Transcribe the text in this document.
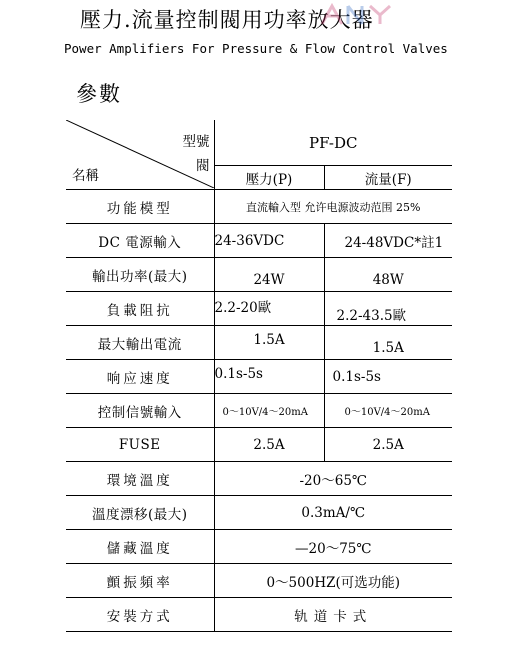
壓力.流量控制閥用功率放大器
Power Amplifiers For Pressure & Flow Control Valves
參數
型號
閥
名稱	PF-DC	
	壓力(P)	流量(F)
功能模型	直流輸入型 允许电源波动范围 25%	
DC 電源輸入	24-36VDC	24-48VDC*註1
輸出功率(最大)	24W	48W
負載阻抗	2.2-20歐	2.2-43.5歐
最大輸出電流	1.5A	1.5A
响应速度	0.1s-5s	0.1s-5s
控制信號輸入	0～10V/4～20mA	0～10V/4～20mA
FUSE	2.5A	2.5A
環境溫度	-20～65℃	
溫度漂移(最大)	0.3mA/℃	
儲藏溫度	—20～75℃	
顫振頻率	0～500HZ(可选功能)	
安裝方式	轨道卡式	
